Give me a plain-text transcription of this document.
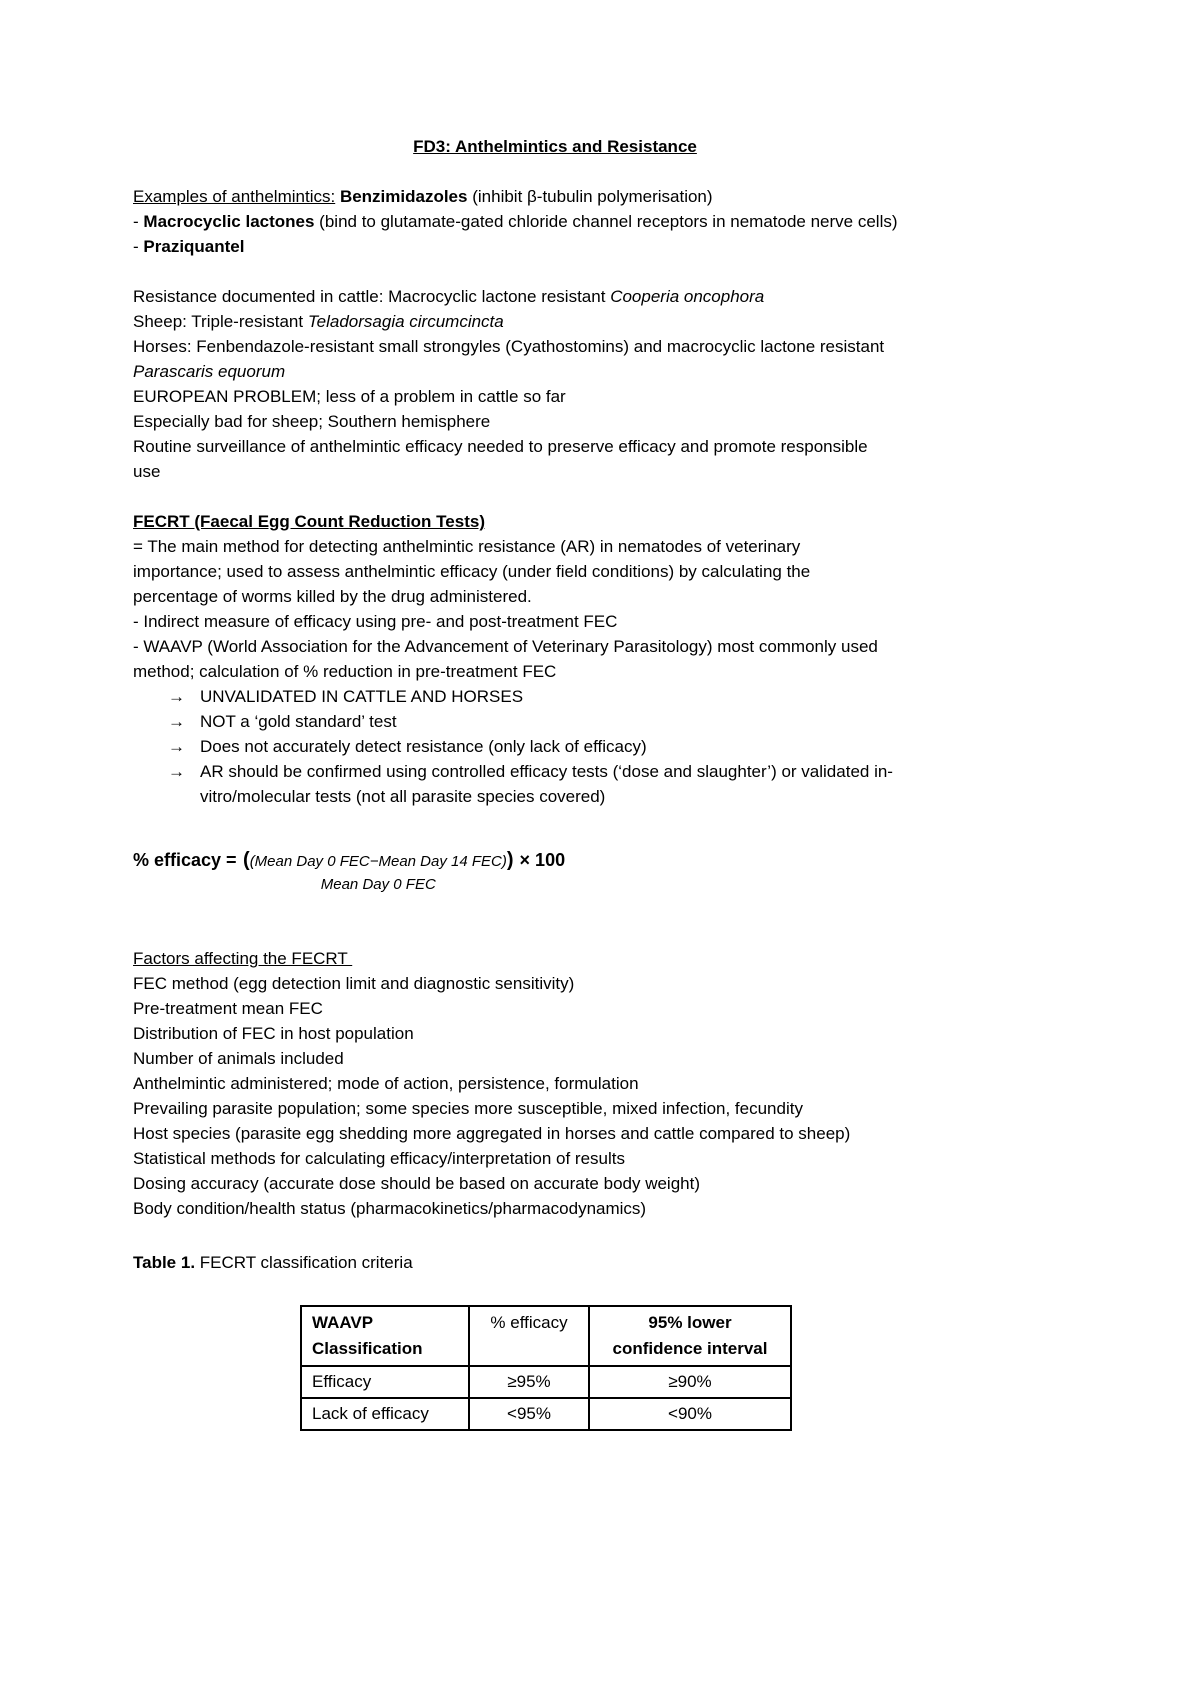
FD3: Anthelmintics and Resistance
Examples of anthelmintics: Benzimidazoles (inhibit β-tubulin polymerisation)
- Macrocyclic lactones (bind to glutamate-gated chloride channel receptors in nematode nerve cells)
- Praziquantel
Resistance documented in cattle: Macrocyclic lactone resistant Cooperia oncophora
Sheep: Triple-resistant Teladorsagia circumcincta
Horses: Fenbendazole-resistant small strongyles (Cyathostomins) and macrocyclic lactone resistant
Parascaris equorum
EUROPEAN PROBLEM; less of a problem in cattle so far
Especially bad for sheep; Southern hemisphere
Routine surveillance of anthelmintic efficacy needed to preserve efficacy and promote responsible
use
FECRT (Faecal Egg Count Reduction Tests)
= The main method for detecting anthelmintic resistance (AR) in nematodes of veterinary
importance; used to assess anthelmintic efficacy (under field conditions) by calculating the
percentage of worms killed by the drug administered.
- Indirect measure of efficacy using pre- and post-treatment FEC
- WAAVP (World Association for the Advancement of Veterinary Parasitology) most commonly used
method; calculation of % reduction in pre-treatment FEC
→ UNVALIDATED IN CATTLE AND HORSES
→ NOT a ‘gold standard’ test
→ Does not accurately detect resistance (only lack of efficacy)
→ AR should be confirmed using controlled efficacy tests (‘dose and slaughter’) or validated in-
vitro/molecular tests (not all parasite species covered)
% efficacy = ((Mean Day 0 FEC−Mean Day 14 FEC)
Mean Day 0 FEC
) × 100
Factors affecting the FECRT
FEC method (egg detection limit and diagnostic sensitivity)
Pre-treatment mean FEC
Distribution of FEC in host population
Number of animals included
Anthelmintic administered; mode of action, persistence, formulation
Prevailing parasite population; some species more susceptible, mixed infection, fecundity
Host species (parasite egg shedding more aggregated in horses and cattle compared to sheep)
Statistical methods for calculating efficacy/interpretation of results
Dosing accuracy (accurate dose should be based on accurate body weight)
Body condition/health status (pharmacokinetics/pharmacodynamics)
Table 1. FECRT classification criteria
WAAVP
Classification	% efficacy	95% lower
confidence interval
Efficacy	≥95%	≥90%
Lack of efficacy	<95%	<90%
